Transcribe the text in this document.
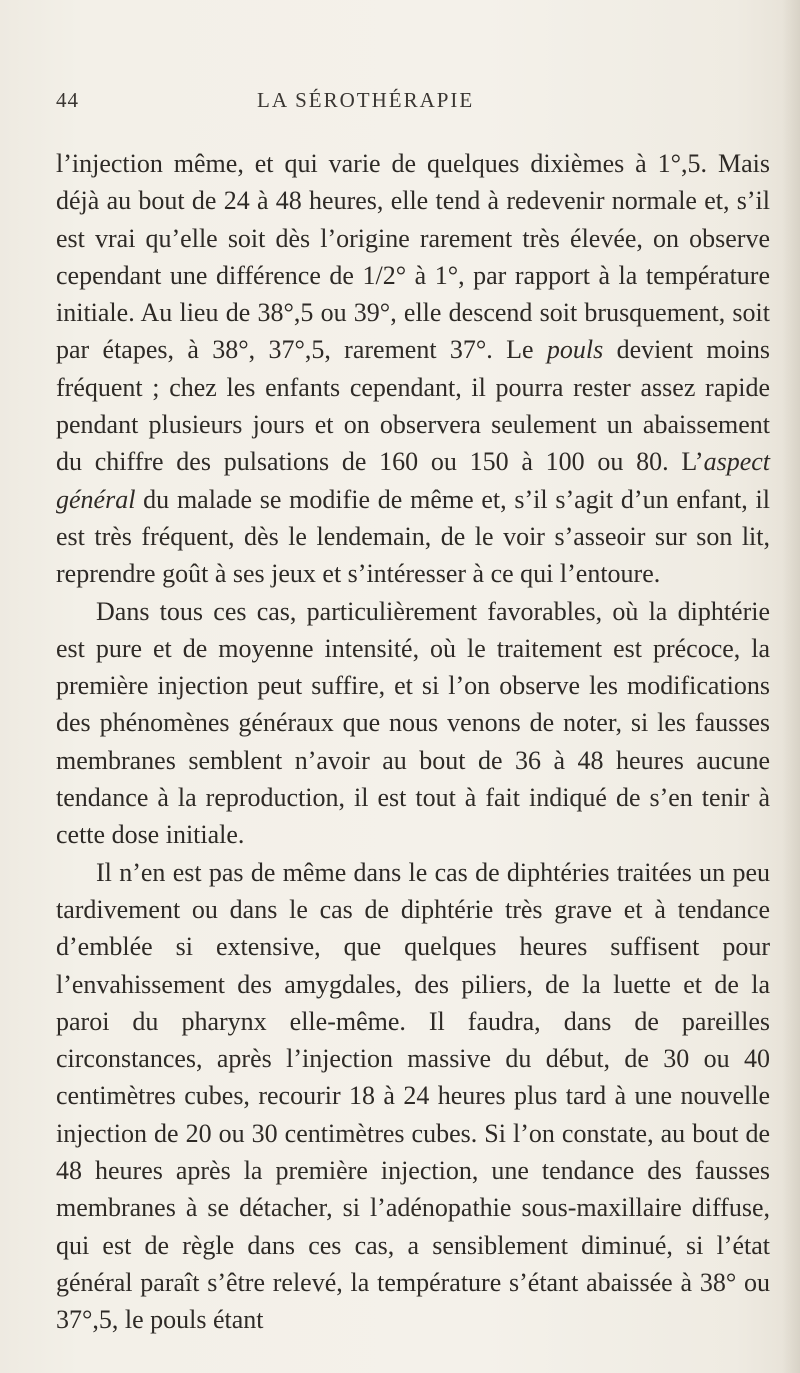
44	LA SÉROTHÉRAPIE

l’injection même, et qui varie de quelques dixièmes à 1°,5. Mais déjà au bout de 24 à 48 heures, elle tend à redevenir normale et, s’il est vrai qu’elle soit dès l’origine rarement très élevée, on observe cependant une différence de 1/2° à 1°, par rapport à la température initiale. Au lieu de 38°,5 ou 39°, elle descend soit brusquement, soit par étapes, à 38°, 37°,5, rarement 37°. Le pouls devient moins fréquent ; chez les enfants cependant, il pourra rester assez rapide pendant plusieurs jours et on observera seulement un abaissement du chiffre des pulsations de 160 ou 150 à 100 ou 80. L’aspect général du malade se modifie de même et, s’il s’agit d’un enfant, il est très fréquent, dès le lendemain, de le voir s’asseoir sur son lit, reprendre goût à ses jeux et s’intéresser à ce qui l’entoure.

Dans tous ces cas, particulièrement favorables, où la diphtérie est pure et de moyenne intensité, où le traitement est précoce, la première injection peut suffire, et si l’on observe les modifications des phénomènes généraux que nous venons de noter, si les fausses membranes semblent n’avoir au bout de 36 à 48 heures aucune tendance à la reproduction, il est tout à fait indiqué de s’en tenir à cette dose initiale.

Il n’en est pas de même dans le cas de diphtéries traitées un peu tardivement ou dans le cas de diphtérie très grave et à tendance d’emblée si extensive, que quelques heures suffisent pour l’envahissement des amygdales, des piliers, de la luette et de la paroi du pharynx elle-même. Il faudra, dans de pareilles circonstances, après l’injection massive du début, de 30 ou 40 centimètres cubes, recourir 18 à 24 heures plus tard à une nouvelle injection de 20 ou 30 centimètres cubes. Si l’on constate, au bout de 48 heures après la première injection, une tendance des fausses membranes à se détacher, si l’adénopathie sous-maxillaire diffuse, qui est de règle dans ces cas, a sensiblement diminué, si l’état général paraît s’être relevé, la température s’étant abaissée à 38° ou 37°,5, le pouls étant
